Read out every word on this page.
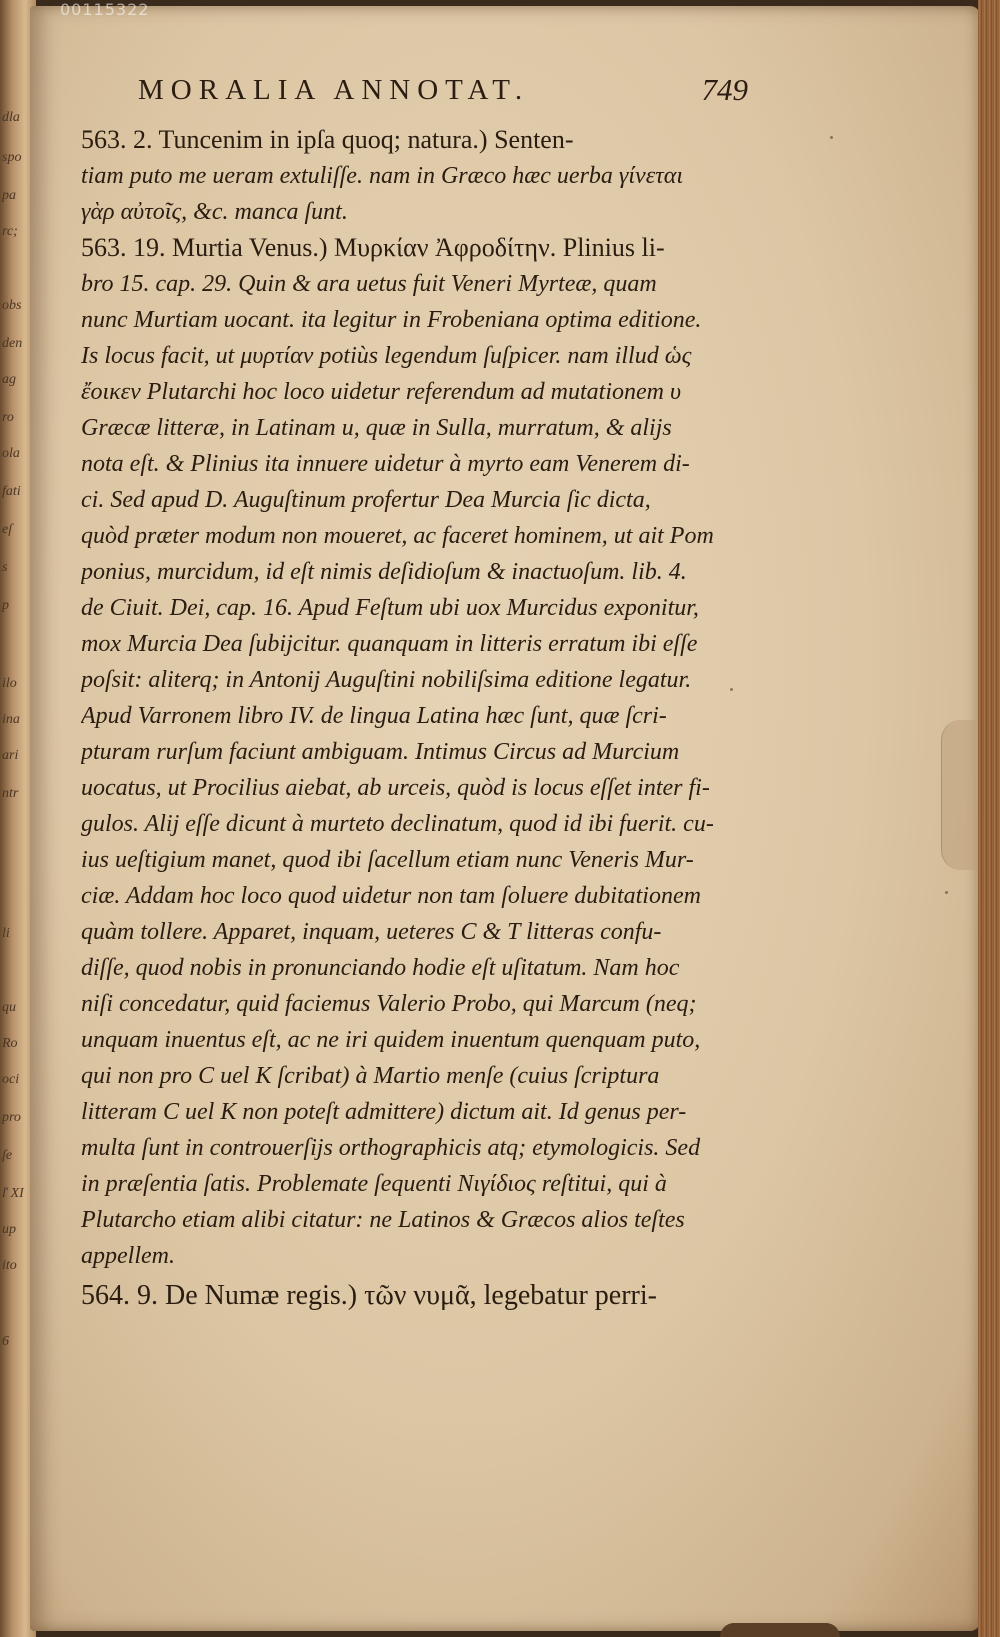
dla
spo
pa
rc;
obs
den
ag
ro
ola
fati
eſ
s
p
ilo
ina
ari
ntr
li
qu
Ro
oci
pro
ſe
ľ XI
up
ito
6
MORALIA ANNOTAT.	749
563. 2. Tuncenim in ipſa quoq; natura.) Senten-
tiam puto me ueram extuliſſe. nam in Græco hæc uerba γίνεται
γὰρ αὐτοῖς, &c. manca ſunt.
563. 19. Murtia Venus.) Μυρκίαν Ἀφροδίτην. Plinius li-
bro 15. cap. 29. Quin & ara uetus fuit Veneri Myrteæ, quam
nunc Murtiam uocant. ita legitur in Frobeniana optima editione.
Is locus facit, ut μυρτίαν potiùs legendum ſuſpicer. nam illud ὡς
ἔοικεν Plutarchi hoc loco uidetur referendum ad mutationem υ
Græcæ litteræ, in Latinam u, quæ in Sulla, murratum, & alijs
nota eſt. & Plinius ita innuere uidetur à myrto eam Venerem di-
ci. Sed apud D. Auguſtinum profertur Dea Murcia ſic dicta,
quòd præter modum non moueret, ac faceret hominem, ut ait Pom
ponius, murcidum, id eſt nimis deſidioſum & inactuoſum. lib. 4.
de Ciuit. Dei, cap. 16. Apud Feſtum ubi uox Murcidus exponitur,
mox Murcia Dea ſubijcitur. quanquam in litteris erratum ibi eſſe
poſsit: aliterq; in Antonij Auguſtini nobiliſsima editione legatur.
Apud Varronem libro IV. de lingua Latina hæc ſunt, quæ ſcri-
pturam rurſum faciunt ambiguam. Intimus Circus ad Murcium
uocatus, ut Procilius aiebat, ab urceis, quòd is locus eſſet inter fi-
gulos. Alij eſſe dicunt à murteto declinatum, quod id ibi fuerit. cu-
ius ueſtigium manet, quod ibi ſacellum etiam nunc Veneris Mur-
ciæ. Addam hoc loco quod uidetur non tam ſoluere dubitationem
quàm tollere. Apparet, inquam, ueteres C & T litteras confu-
diſſe, quod nobis in pronunciando hodie eſt uſitatum. Nam hoc
niſi concedatur, quid faciemus Valerio Probo, qui Marcum (neq;
unquam inuentus eſt, ac ne iri quidem inuentum quenquam puto,
qui non pro C uel K ſcribat) à Martio menſe (cuius ſcriptura
litteram C uel K non poteſt admittere) dictum ait. Id genus per-
multa ſunt in controuerſijs orthographicis atq; etymologicis. Sed
in præſentia ſatis. Problemate ſequenti Νιγίδιος reſtitui, qui à
Plutarcho etiam alibi citatur: ne Latinos & Græcos alios teſtes
appellem.
564. 9. De Numæ regis.) τῶν νυμᾶ, legebatur perri-
00115322
